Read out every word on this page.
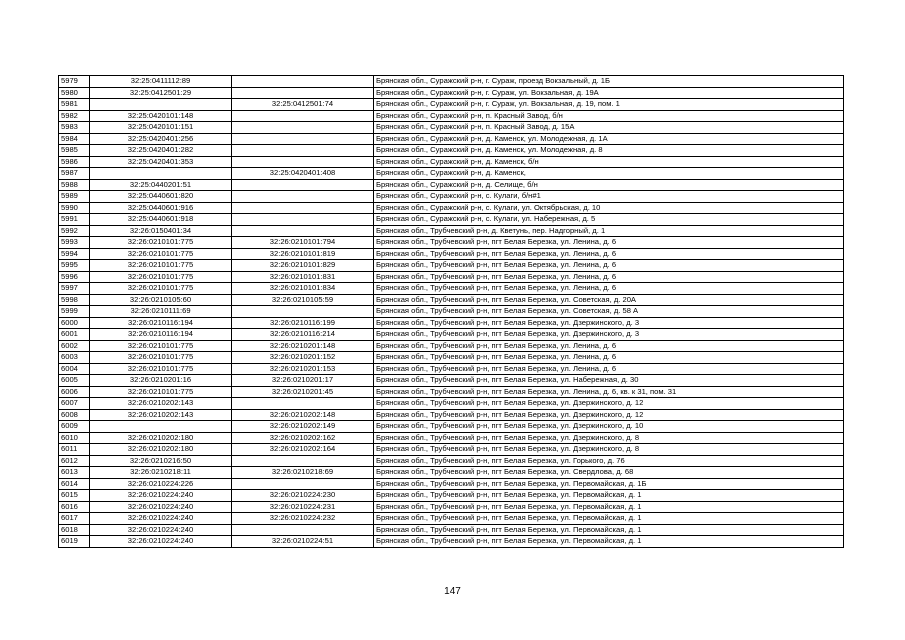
5979	32:25:0411112:89		Брянская обл., Суражский р-н, г. Сураж, проезд Вокзальный, д. 1Б
5980	32:25:0412501:29		Брянская обл., Суражский р-н, г. Сураж, ул. Вокзальная, д. 19А
5981		32:25:0412501:74	Брянская обл., Суражский р-н, г. Сураж, ул. Вокзальная, д. 19, пом. 1
5982	32:25:0420101:148		Брянская обл., Суражский р-н, п. Красный Завод, б/н
5983	32:25:0420101:151		Брянская обл., Суражский р-н, п. Красный Завод, д. 15А
5984	32:25:0420401:256		Брянская обл., Суражский р-н, д. Каменск, ул. Молодежная, д. 1А
5985	32:25:0420401:282		Брянская обл., Суражский р-н, д. Каменск, ул. Молодежная, д. 8
5986	32:25:0420401:353		Брянская обл., Суражский р-н, д. Каменск, б/н
5987		32:25:0420401:408	Брянская обл., Суражский р-н, д. Каменск,
5988	32:25:0440201:51		Брянская обл., Суражский р-н, д. Селище, б/н
5989	32:25:0440601:820		Брянская обл., Суражский р-н, с. Кулаги, б/н#1
5990	32:25:0440601:916		Брянская обл., Суражский р-н, с. Кулаги, ул. Октябрьская, д. 10
5991	32:25:0440601:918		Брянская обл., Суражский р-н, с. Кулаги, ул. Набережная, д. 5
5992	32:26:0150401:34		Брянская обл., Трубчевский р-н, д. Кветунь, пер. Надгорный, д. 1
5993	32:26:0210101:775	32:26:0210101:794	Брянская обл., Трубчевский р-н, пгт Белая Березка, ул. Ленина, д. 6
5994	32:26:0210101:775	32:26:0210101:819	Брянская обл., Трубчевский р-н, пгт Белая Березка, ул. Ленина, д. 6
5995	32:26:0210101:775	32:26:0210101:829	Брянская обл., Трубчевский р-н, пгт Белая Березка, ул. Ленина, д. 6
5996	32:26:0210101:775	32:26:0210101:831	Брянская обл., Трубчевский р-н, пгт Белая Березка, ул. Ленина, д. 6
5997	32:26:0210101:775	32:26:0210101:834	Брянская обл., Трубчевский р-н, пгт Белая Березка, ул. Ленина, д. 6
5998	32:26:0210105:60	32:26:0210105:59	Брянская обл., Трубчевский р-н, пгт Белая Березка, ул. Советская, д. 20А
5999	32:26:0210111:69		Брянская обл., Трубчевский р-н, пгт Белая Березка, ул. Советская, д. 58 А
6000	32:26:0210116:194	32:26:0210116:199	Брянская обл., Трубчевский р-н, пгт Белая Березка, ул. Дзержинского, д. 3
6001	32:26:0210116:194	32:26:0210116:214	Брянская обл., Трубчевский р-н, пгт Белая Березка, ул. Дзержинского, д. 3
6002	32:26:0210101:775	32:26:0210201:148	Брянская обл., Трубчевский р-н, пгт Белая Березка, ул. Ленина, д. 6
6003	32:26:0210101:775	32:26:0210201:152	Брянская обл., Трубчевский р-н, пгт Белая Березка, ул. Ленина, д. 6
6004	32:26:0210101:775	32:26:0210201:153	Брянская обл., Трубчевский р-н, пгт Белая Березка, ул. Ленина, д. 6
6005	32:26:0210201:16	32:26:0210201:17	Брянская обл., Трубчевский р-н, пгт Белая Березка, ул. Набережная, д. 30
6006	32:26:0210101:775	32:26:0210201:45	Брянская обл., Трубчевский р-н, пгт Белая Березка, ул. Ленина, д. 6, кв. к 31, пом. 31
6007	32:26:0210202:143		Брянская обл., Трубчевский р-н, пгт Белая Березка, ул. Дзержинского, д. 12
6008	32:26:0210202:143	32:26:0210202:148	Брянская обл., Трубчевский р-н, пгт Белая Березка, ул. Дзержинского, д. 12
6009		32:26:0210202:149	Брянская обл., Трубчевский р-н, пгт Белая Березка, ул. Дзержинского, д. 10
6010	32:26:0210202:180	32:26:0210202:162	Брянская обл., Трубчевский р-н, пгт Белая Березка, ул. Дзержинского, д. 8
6011	32:26:0210202:180	32:26:0210202:164	Брянская обл., Трубчевский р-н, пгт Белая Березка, ул. Дзержинского, д. 8
6012	32:26:0210216:50		Брянская обл., Трубчевский р-н, пгт Белая Березка, ул. Горького, д. 76
6013	32:26:0210218:11	32:26:0210218:69	Брянская обл., Трубчевский р-н, пгт Белая Березка, ул. Свердлова, д. 68
6014	32:26:0210224:226		Брянская обл., Трубчевский р-н, пгт Белая Березка, ул. Первомайская, д. 1Б
6015	32:26:0210224:240	32:26:0210224:230	Брянская обл., Трубчевский р-н, пгт Белая Березка, ул. Первомайская, д. 1
6016	32:26:0210224:240	32:26:0210224:231	Брянская обл., Трубчевский р-н, пгт Белая Березка, ул. Первомайская, д. 1
6017	32:26:0210224:240	32:26:0210224:232	Брянская обл., Трубчевский р-н, пгт Белая Березка, ул. Первомайская, д. 1
6018	32:26:0210224:240		Брянская обл., Трубчевский р-н, пгт Белая Березка, ул. Первомайская, д. 1
6019	32:26:0210224:240	32:26:0210224:51	Брянская обл., Трубчевский р-н, пгт Белая Березка, ул. Первомайская, д. 1
147
